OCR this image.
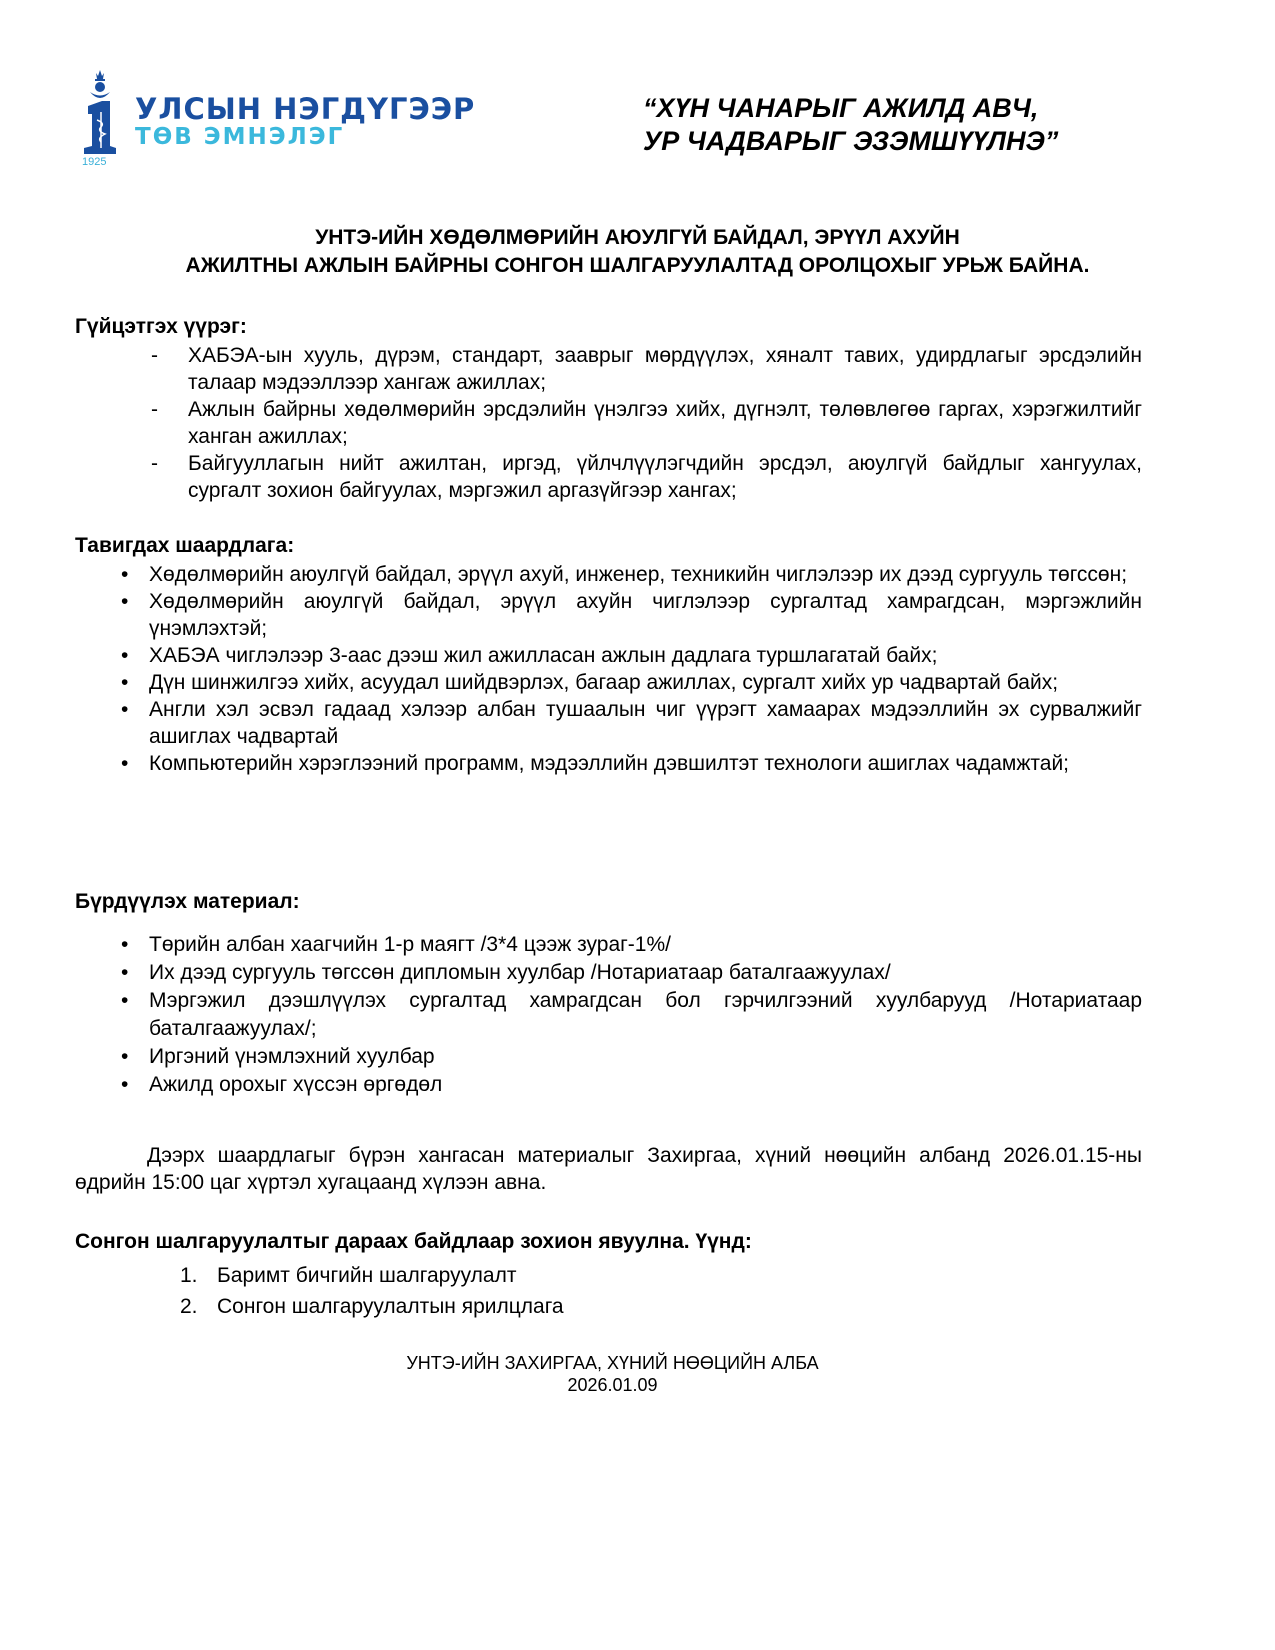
1925
УЛСЫН НЭГДҮГЭЭР
ТӨВ ЭМНЭЛЭГ
“ХҮН ЧАНАРЫГ АЖИЛД АВЧ,
УР ЧАДВАРЫГ ЭЗЭМШҮҮЛНЭ”
УНТЭ-ИЙН ХӨДӨЛМӨРИЙН АЮУЛГҮЙ БАЙДАЛ, ЭРҮҮЛ АХУЙН
АЖИЛТНЫ АЖЛЫН БАЙРНЫ СОНГОН ШАЛГАРУУЛАЛТАД ОРОЛЦОХЫГ УРЬЖ БАЙНА.
Гүйцэтгэх үүрэг:
- ХАБЭА-ын хууль, дүрэм, стандарт, зааврыг мөрдүүлэх, хяналт тавих, удирдлагыг эрсдэлийн талаар мэдээллээр хангаж ажиллах;
- Ажлын байрны хөдөлмөрийн эрсдэлийн үнэлгээ хийх, дүгнэлт, төлөвлөгөө гаргах, хэрэгжилтийг ханган ажиллах;
- Байгууллагын нийт ажилтан, иргэд, үйлчлүүлэгчдийн эрсдэл, аюулгүй байдлыг хангуулах, сургалт зохион байгуулах, мэргэжил аргазүйгээр хангах;
Тавигдах шаардлага:
• Хөдөлмөрийн аюулгүй байдал, эрүүл ахуй, инженер, техникийн чиглэлээр их дээд сургууль төгссөн;
• Хөдөлмөрийн аюулгүй байдал, эрүүл ахуйн чиглэлээр сургалтад хамрагдсан, мэргэжлийн үнэмлэхтэй;
• ХАБЭА чиглэлээр 3-аас дээш жил ажилласан ажлын дадлага туршлагатай байх;
• Дүн шинжилгээ хийх, асуудал шийдвэрлэх, багаар ажиллах, сургалт хийх ур чадвартай байх;
• Англи хэл эсвэл гадаад хэлээр албан тушаалын чиг үүрэгт хамаарах мэдээллийн эх сурвалжийг ашиглах чадвартай
• Компьютерийн хэрэглээний программ, мэдээллийн дэвшилтэт технологи ашиглах чадамжтай;
Бүрдүүлэх материал:
• Төрийн албан хаагчийн 1-р маягт /3*4 цээж зураг-1%/
• Их дээд сургууль төгссөн дипломын хуулбар /Нотариатаар баталгаажуулах/
• Мэргэжил дээшлүүлэх сургалтад хамрагдсан бол гэрчилгээний хуулбарууд /Нотариатаар баталгаажуулах/;
• Иргэний үнэмлэхний хуулбар
• Ажилд орохыг хүссэн өргөдөл
Дээрх шаардлагыг бүрэн хангасан материалыг Захиргаа, хүний нөөцийн албанд 2026.01.15-ны өдрийн 15:00 цаг хүртэл хугацаанд хүлээн авна.
Сонгон шалгаруулалтыг дараах байдлаар зохион явуулна. Үүнд:
1. Баримт бичгийн шалгаруулалт
2. Сонгон шалгаруулалтын ярилцлага
УНТЭ-ИЙН ЗАХИРГАА, ХҮНИЙ НӨӨЦИЙН АЛБА
2026.01.09
